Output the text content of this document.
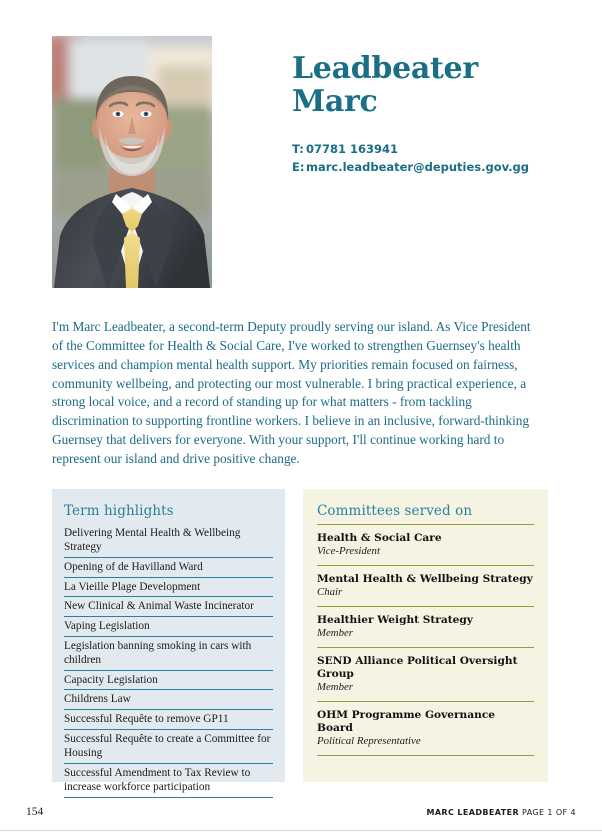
Leadbeater
Marc
T: 07781 163941
E: marc.leadbeater@deputies.gov.gg

I'm Marc Leadbeater, a second-term Deputy proudly serving our island. As Vice President of the Committee for Health & Social Care, I've worked to strengthen Guernsey's health services and champion mental health support. My priorities remain focused on fairness, community wellbeing, and protecting our most vulnerable. I bring practical experience, a strong local voice, and a record of standing up for what matters - from tackling discrimination to supporting frontline workers. I believe in an inclusive, forward-thinking Guernsey that delivers for everyone. With your support, I'll continue working hard to represent our island and drive positive change.

Term highlights
Delivering Mental Health & Wellbeing Strategy
Opening of de Havilland Ward
La Vieille Plage Development
New Clinical & Animal Waste Incinerator
Vaping Legislation
Legislation banning smoking in cars with children
Capacity Legislation
Childrens Law
Successful Requête to remove GP11
Successful Requête to create a Committee for Housing
Successful Amendment to Tax Review to increase workforce participation
Committees served on
Health & Social Care
Vice-President
Mental Health & Wellbeing Strategy
Chair
Healthier Weight Strategy
Member
SEND Alliance Political Oversight Group
Member
OHM Programme Governance Board
Political Representative
154	MARC LEADBEATER PAGE 1 OF 4
